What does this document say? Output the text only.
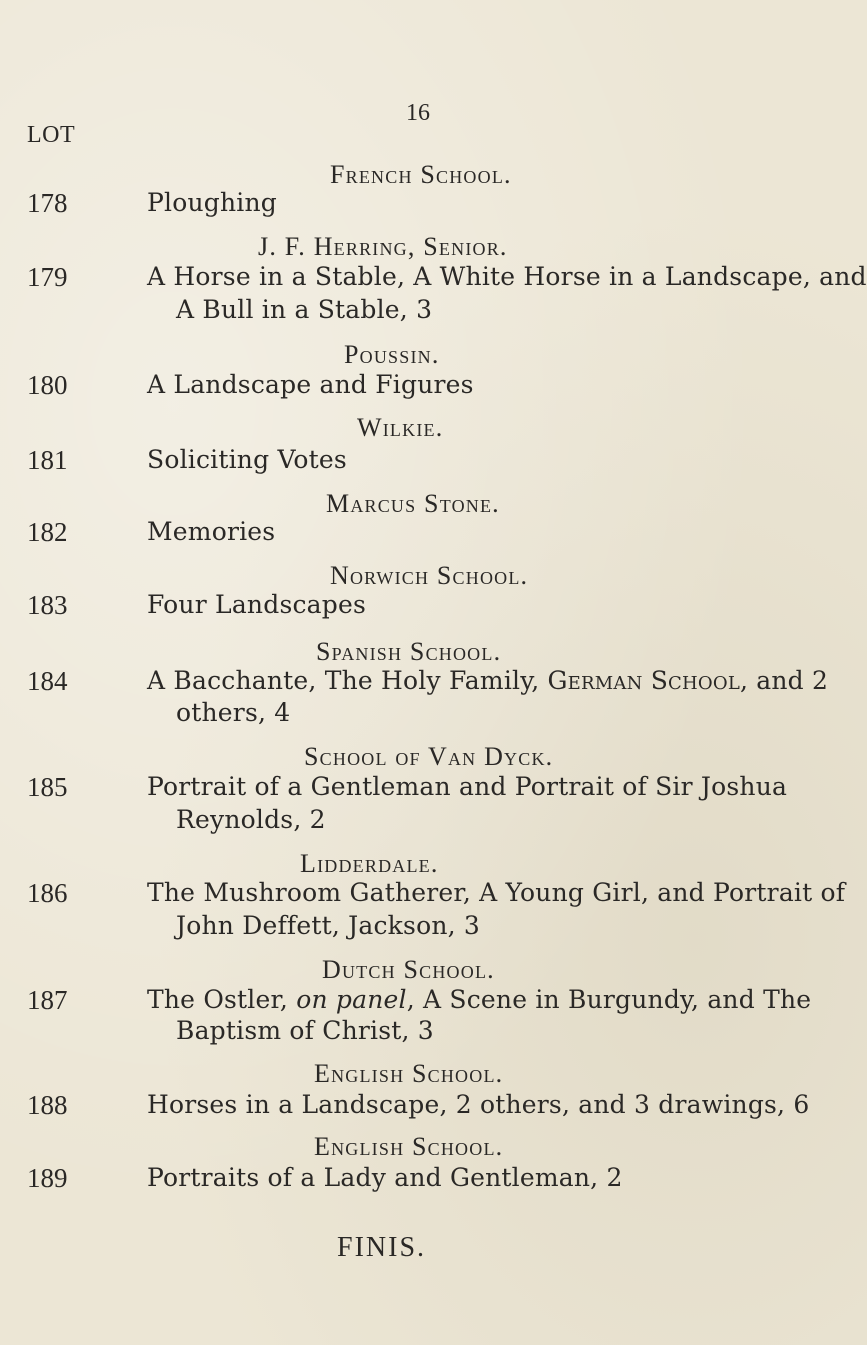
LOT
16
French School.
178	Ploughing
J. F. Herring, Senior.
179	A Horse in a Stable, A White Horse in a Landscape, and
A Bull in a Stable, 3
Poussin.
180	A Landscape and Figures
Wilkie.
181	Soliciting Votes
Marcus Stone.
182	Memories
Norwich School.
183	Four Landscapes
Spanish School.
184	A Bacchante, The Holy Family, German School, and 2
others, 4
School of Van Dyck.
185	Portrait of a Gentleman and Portrait of Sir Joshua
Reynolds, 2
Lidderdale.
186	The Mushroom Gatherer, A Young Girl, and Portrait of
John Deffett, Jackson, 3
Dutch School.
187	The Ostler, on panel, A Scene in Burgundy, and The
Baptism of Christ, 3
English School.
188	Horses in a Landscape, 2 others, and 3 drawings, 6
English School.
189	Portraits of a Lady and Gentleman, 2
FINIS.
